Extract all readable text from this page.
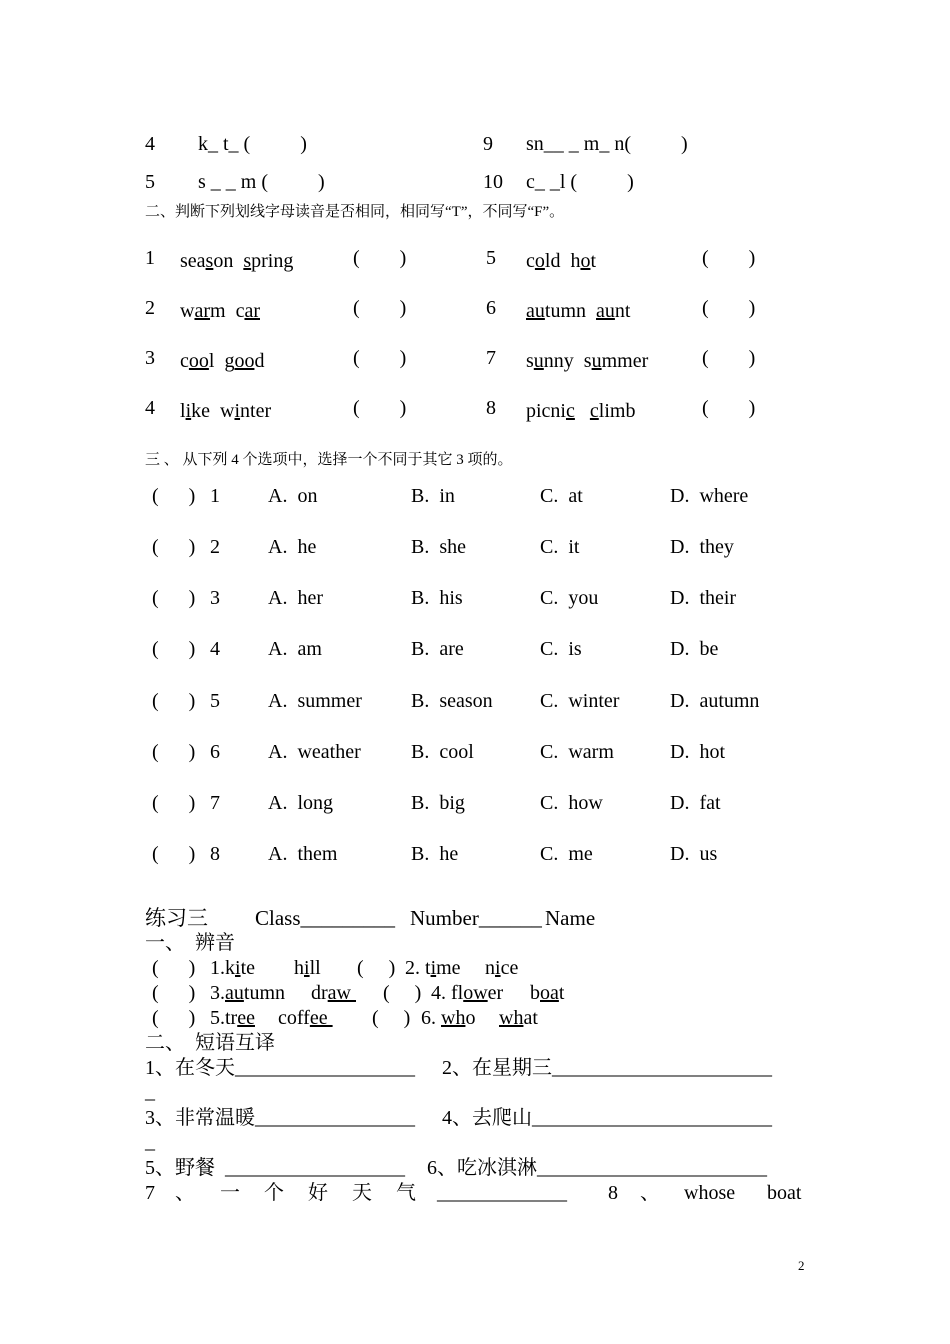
4 k_ t_ (          )
5 s _ _ m (          )
9 sn__ _ m_ n(          )
10 c_ _l (          )
二、判断下列划线字母读音是否相同，相同写“T”，不同写“F”。
1 season spring	(        )
2 warm car	(        )
3 cool good	(        )
4 like winter	(        )
5 cold hot	(        )
6 autumn aunt	(        )
7 sunny summer	(        )
8 picnic climb	(        )
三 、 从下列 4 个选项中，选择一个不同于其它 3 项的。
(      ) 1 A.  on	B.  in	C.  at	D.  where
(      ) 2 A.  he	B.  she	C.  it	D.  they
(      ) 3 A.  her	B.  his	C.  you	D.  their
(      ) 4 A.  am	B.  are	C.  is	D.  be
(      ) 5 A.  summer B.  season C.  winter	D.  autumn
(      ) 6 A.  weather	B.  cool	C.  warm	D.  hot
(      ) 7 A.  long	B.  big	C.  how	D.  fat
(      ) 8 A.  them	B.  he	C.  me	D.  us
练习三 Class_________ Number______ Name
一、　辨音
(      ) 1.kite hill (     ) 2. time nice
(      ) 3.autumn draw (     ) 4. flower boat
(      ) 5.tree coffee (     ) 6. who what
二、　短语互译
1、在冬天__________________ 2、在星期三______________________
_
3、非常温暖________________ 4、去爬山________________________
_
5、野餐  __________________ 6、吃冰淇淋_______________________
7 、 一 个 好 天 气 _____________ 8 、 whose boat
2
